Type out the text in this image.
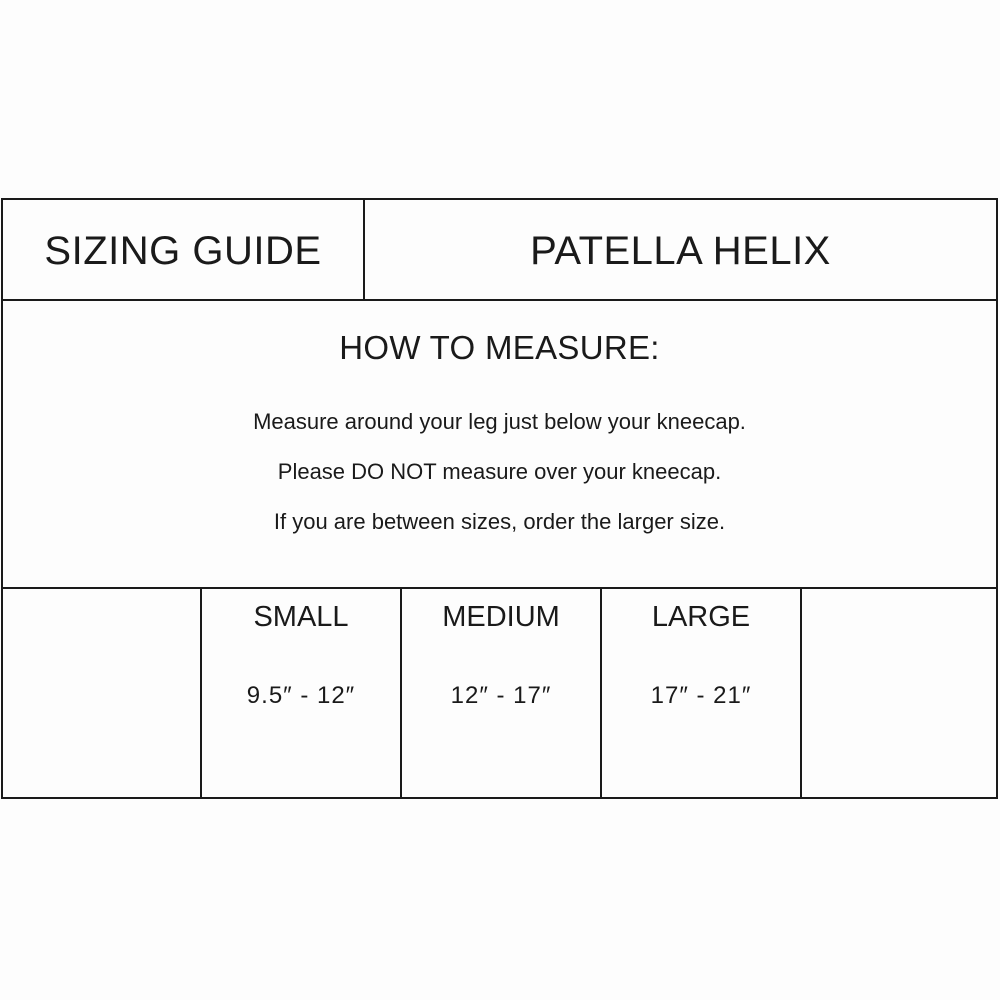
SIZING GUIDE	PATELLA HELIX
HOW TO MEASURE:
Measure around your leg just below your kneecap.
Please DO NOT measure over your kneecap.
If you are between sizes, order the larger size.
SMALL
9.5″ - 12″
MEDIUM
12″ - 17″
LARGE
17″ - 21″
